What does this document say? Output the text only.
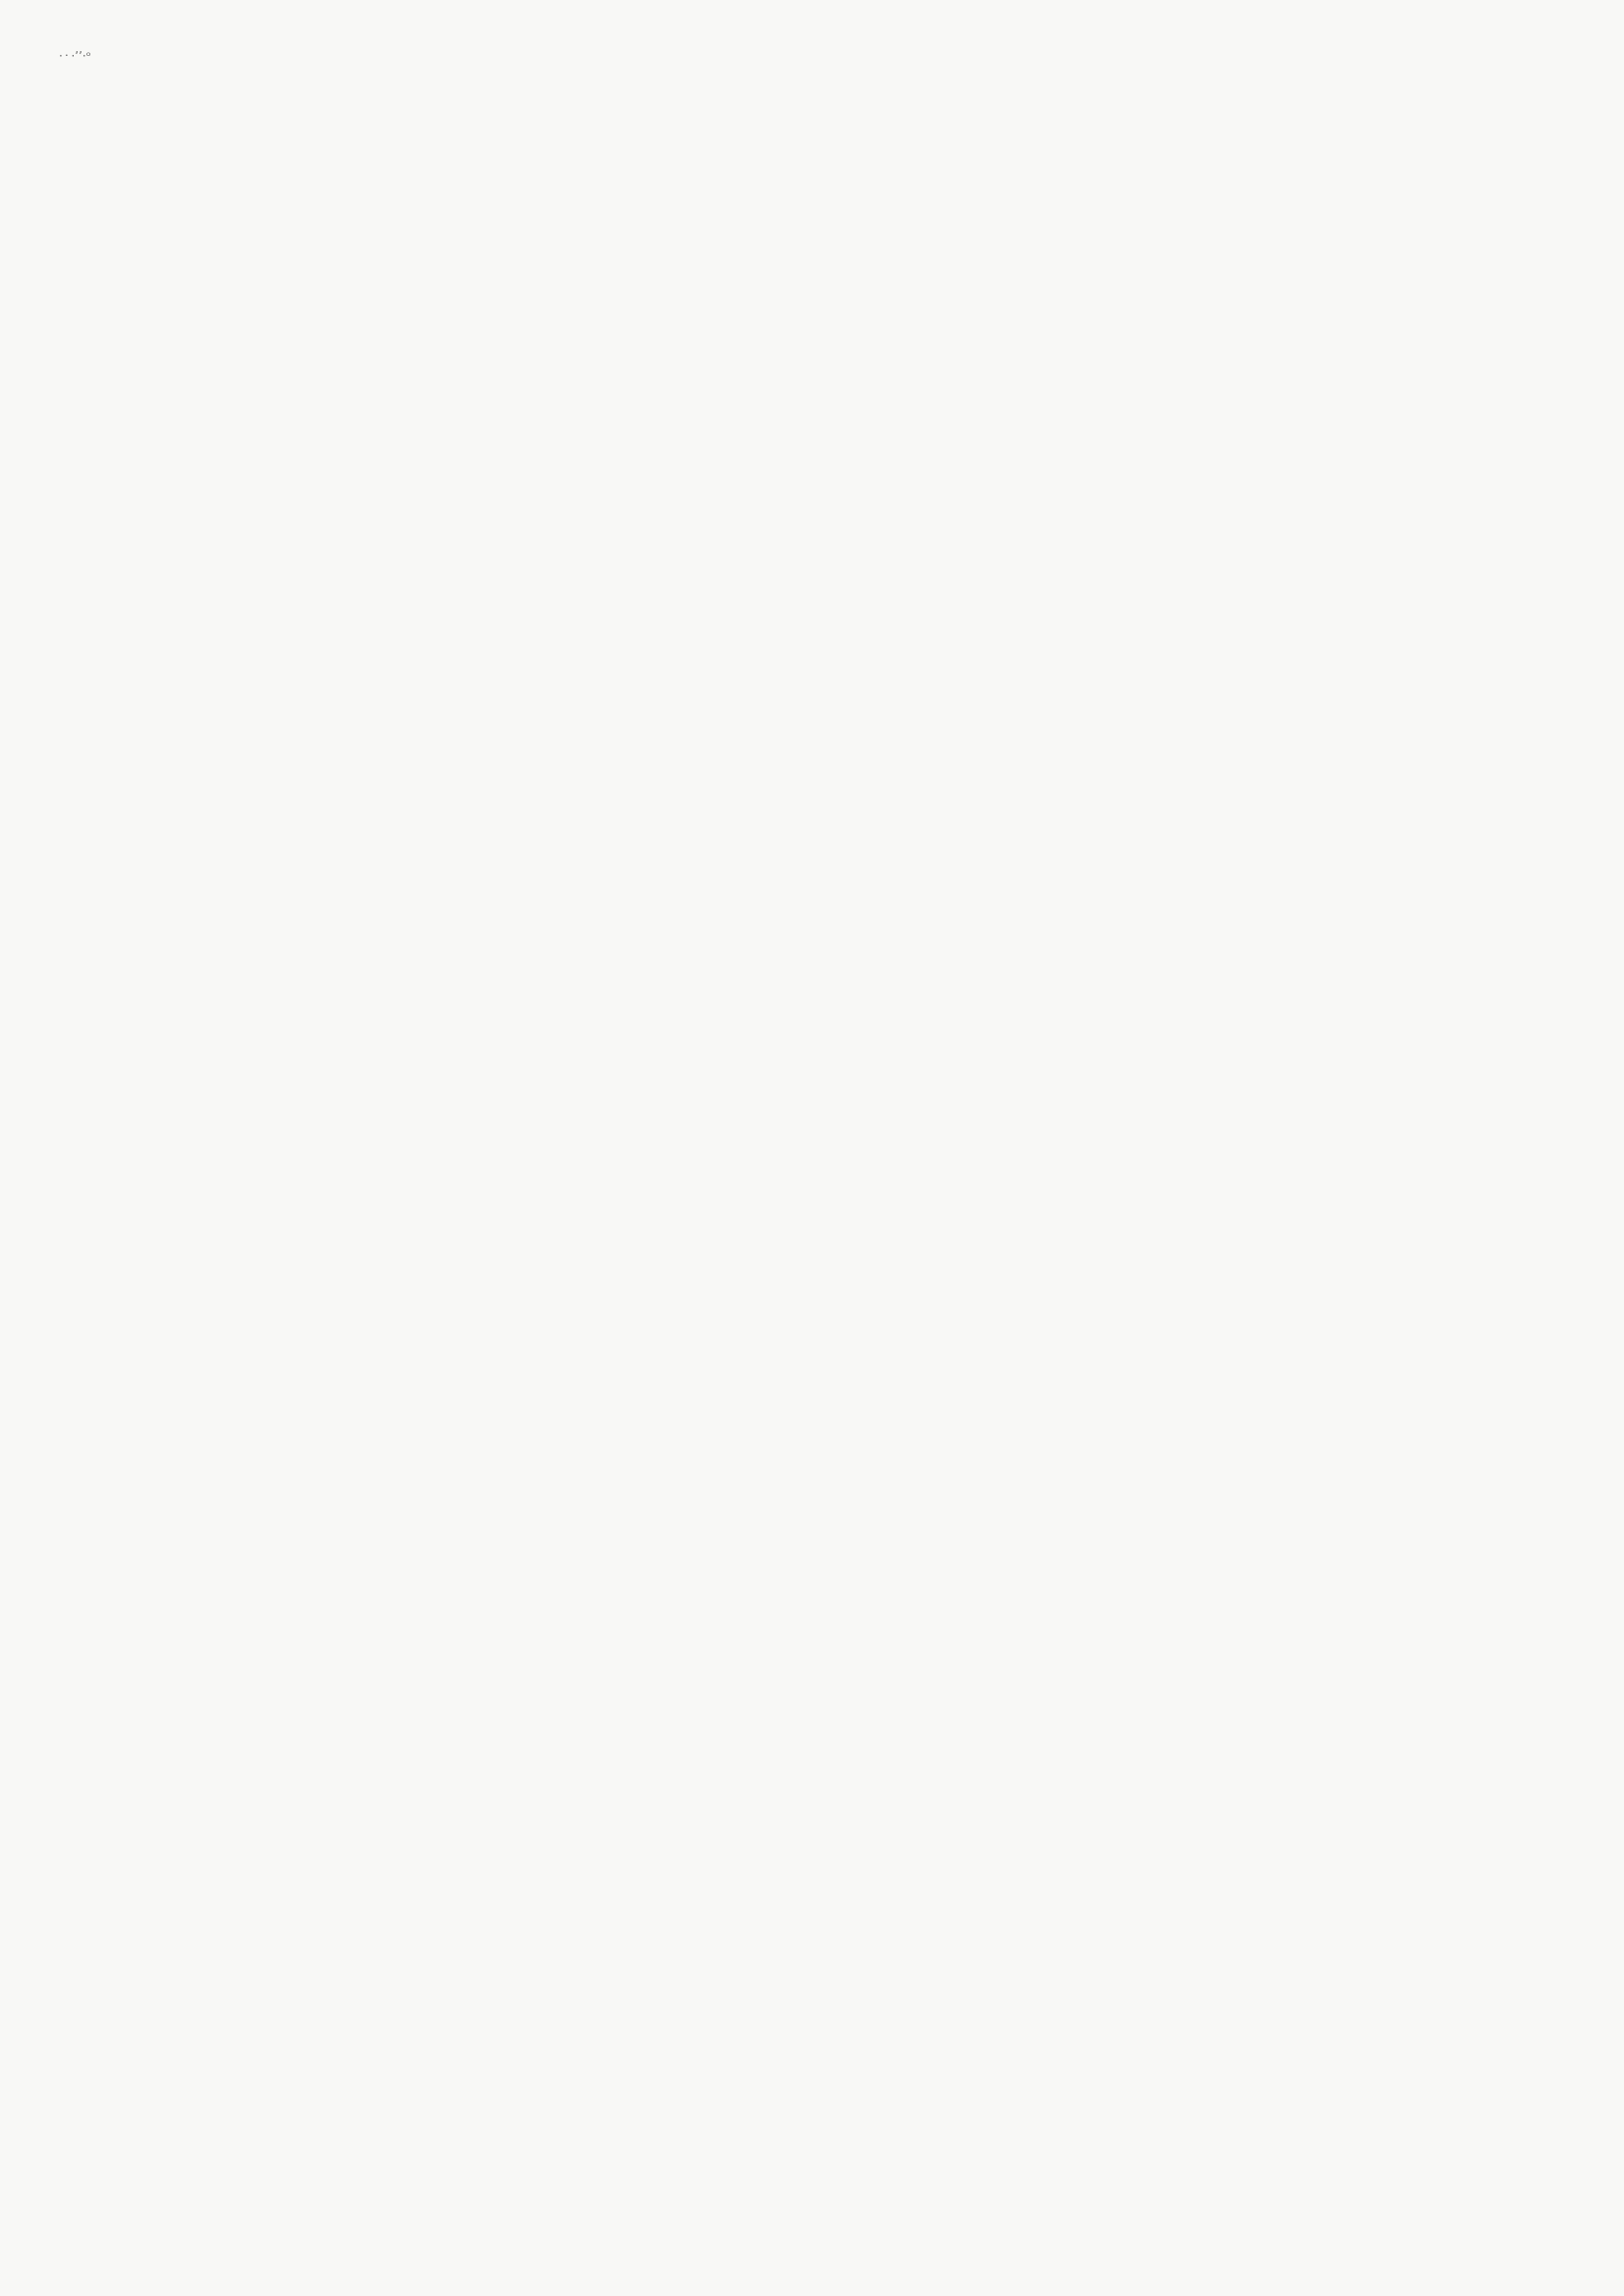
·᠂ ·ʼʼ·ᵒ
